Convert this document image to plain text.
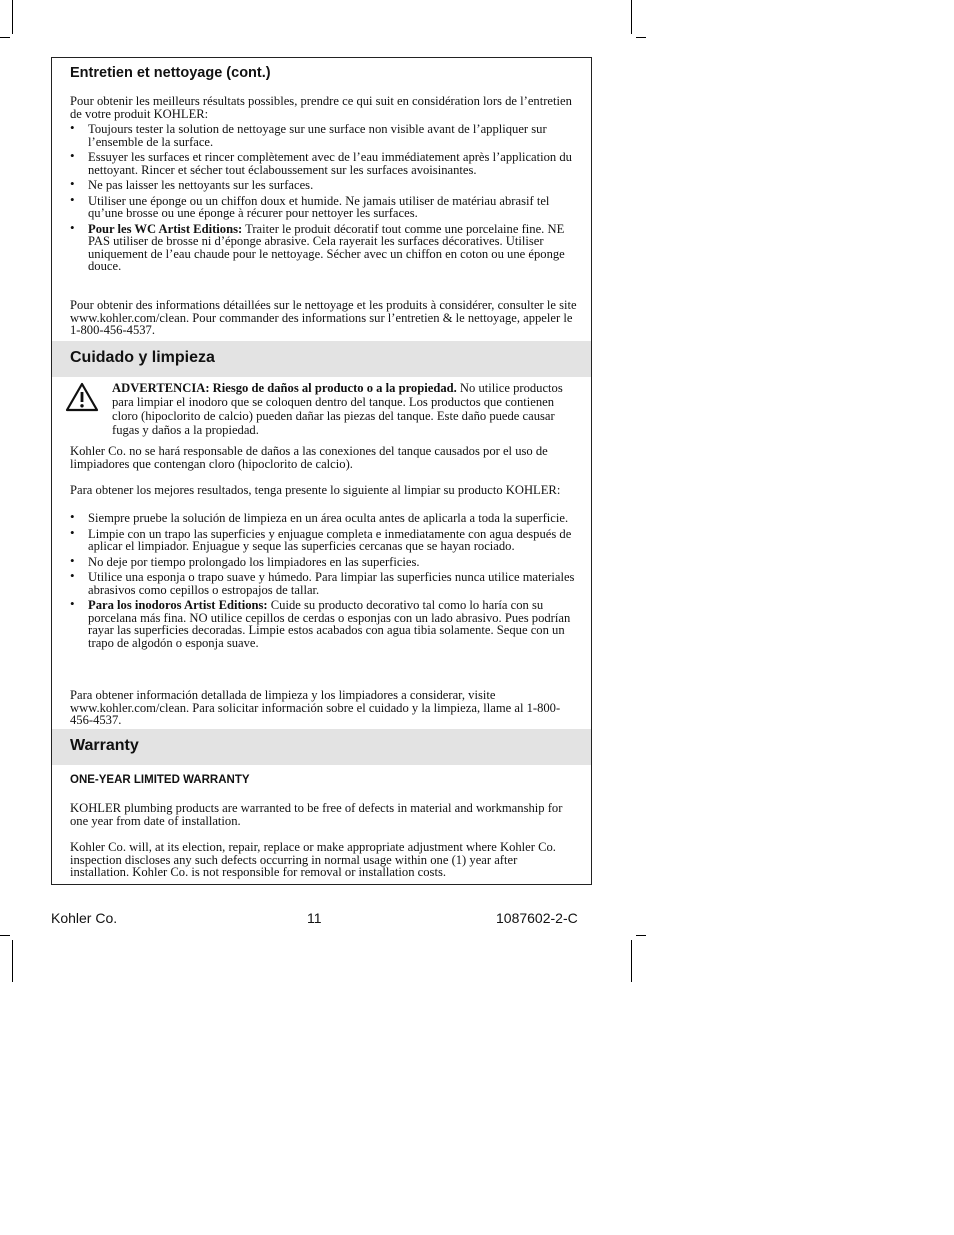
Entretien et nettoyage (cont.)
Pour obtenir les meilleurs résultats possibles, prendre ce qui suit en considération lors de l’entretien de votre produit KOHLER:
• Toujours tester la solution de nettoyage sur une surface non visible avant de l’appliquer sur l’ensemble de la surface.
• Essuyer les surfaces et rincer complètement avec de l’eau immédiatement après l’application du nettoyant. Rincer et sécher tout éclaboussement sur les surfaces avoisinantes.
• Ne pas laisser les nettoyants sur les surfaces.
• Utiliser une éponge ou un chiffon doux et humide. Ne jamais utiliser de matériau abrasif tel qu’une brosse ou une éponge à récurer pour nettoyer les surfaces.
• Pour les WC Artist Editions: Traiter le produit décoratif tout comme une porcelaine fine. NE PAS utiliser de brosse ni d’éponge abrasive. Cela rayerait les surfaces décoratives. Utiliser uniquement de l’eau chaude pour le nettoyage. Sécher avec un chiffon en coton ou une éponge douce.
Pour obtenir des informations détaillées sur le nettoyage et les produits à considérer, consulter le site www.kohler.com/clean. Pour commander des informations sur l’entretien & le nettoyage, appeler le 1-800-456-4537.
Cuidado y limpieza
ADVERTENCIA: Riesgo de daños al producto o a la propiedad. No utilice productos para limpiar el inodoro que se coloquen dentro del tanque. Los productos que contienen cloro (hipoclorito de calcio) pueden dañar las piezas del tanque. Este daño puede causar fugas y daños a la propiedad.
Kohler Co. no se hará responsable de daños a las conexiones del tanque causados por el uso de limpiadores que contengan cloro (hipoclorito de calcio).
Para obtener los mejores resultados, tenga presente lo siguiente al limpiar su producto KOHLER:
• Siempre pruebe la solución de limpieza en un área oculta antes de aplicarla a toda la superficie.
• Limpie con un trapo las superficies y enjuague completa e inmediatamente con agua después de aplicar el limpiador. Enjuague y seque las superficies cercanas que se hayan rociado.
• No deje por tiempo prolongado los limpiadores en las superficies.
• Utilice una esponja o trapo suave y húmedo. Para limpiar las superficies nunca utilice materiales abrasivos como cepillos o estropajos de tallar.
• Para los inodoros Artist Editions: Cuide su producto decorativo tal como lo haría con su porcelana más fina. NO utilice cepillos de cerdas o esponjas con un lado abrasivo. Pues podrían rayar las superficies decoradas. Limpie estos acabados con agua tibia solamente. Seque con un trapo de algodón o esponja suave.
Para obtener información detallada de limpieza y los limpiadores a considerar, visite www.kohler.com/clean. Para solicitar información sobre el cuidado y la limpieza, llame al 1-800-456-4537.
Warranty
ONE-YEAR LIMITED WARRANTY
KOHLER plumbing products are warranted to be free of defects in material and workmanship for one year from date of installation.
Kohler Co. will, at its election, repair, replace or make appropriate adjustment where Kohler Co. inspection discloses any such defects occurring in normal usage within one (1) year after installation. Kohler Co. is not responsible for removal or installation costs.
Kohler Co.	11	1087602-2-C
